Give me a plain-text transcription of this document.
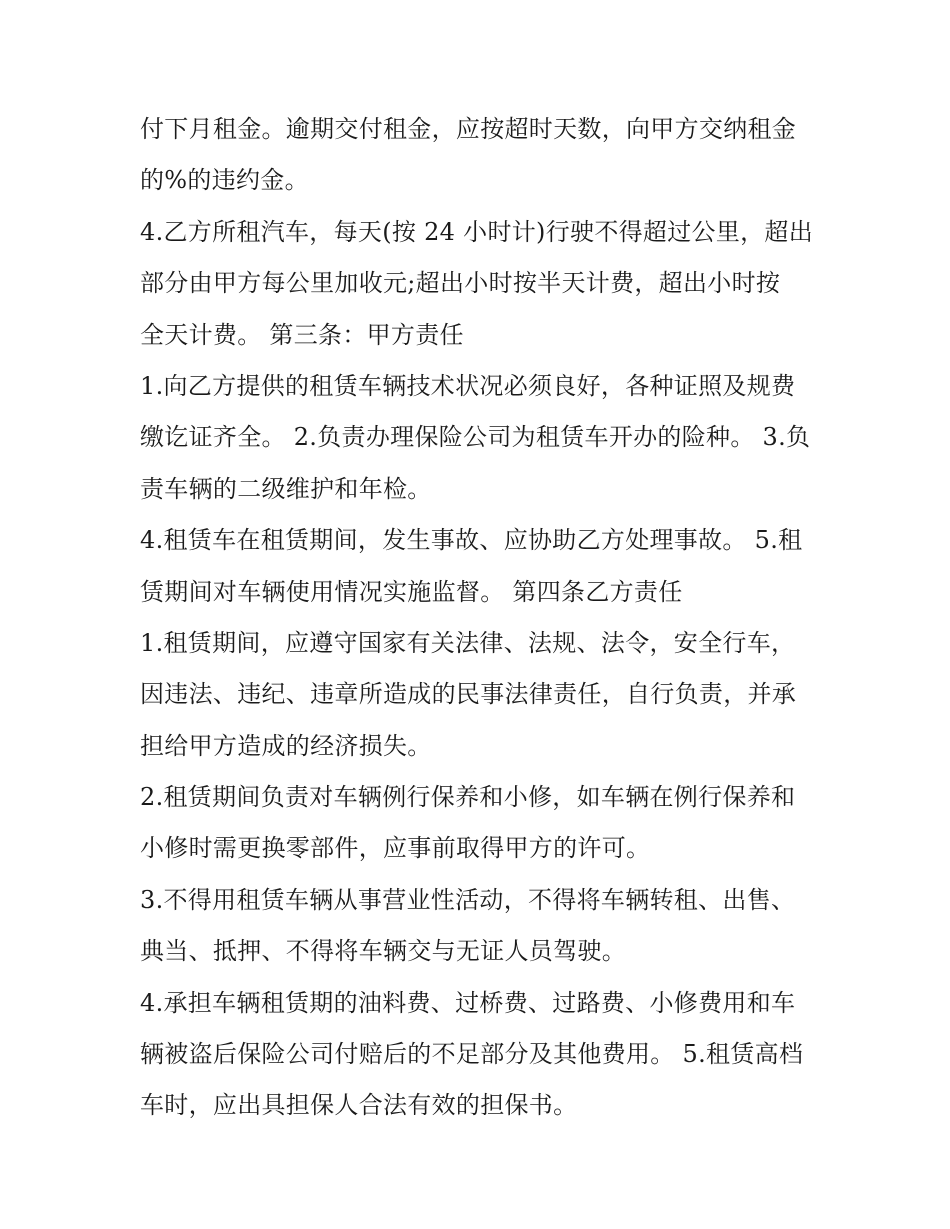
付下月租金。逾期交付租金，应按超时天数，向甲方交纳租金
的%的违约金。
4.乙方所租汽车，每天(按 24 小时计)行驶不得超过公里，超出
部分由甲方每公里加收元;超出小时按半天计费，超出小时按
全天计费。 第三条：甲方责任
1.向乙方提供的租赁车辆技术状况必须良好，各种证照及规费
缴讫证齐全。 2.负责办理保险公司为租赁车开办的险种。 3.负
责车辆的二级维护和年检。
4.租赁车在租赁期间，发生事故、应协助乙方处理事故。 5.租
赁期间对车辆使用情况实施监督。 第四条乙方责任
1.租赁期间，应遵守国家有关法律、法规、法令，安全行车，
因违法、违纪、违章所造成的民事法律责任，自行负责，并承
担给甲方造成的经济损失。
2.租赁期间负责对车辆例行保养和小修，如车辆在例行保养和
小修时需更换零部件，应事前取得甲方的许可。
3.不得用租赁车辆从事营业性活动，不得将车辆转租、出售、
典当、抵押、不得将车辆交与无证人员驾驶。
4.承担车辆租赁期的油料费、过桥费、过路费、小修费用和车
辆被盗后保险公司付赔后的不足部分及其他费用。 5.租赁高档
车时，应出具担保人合法有效的担保书。
